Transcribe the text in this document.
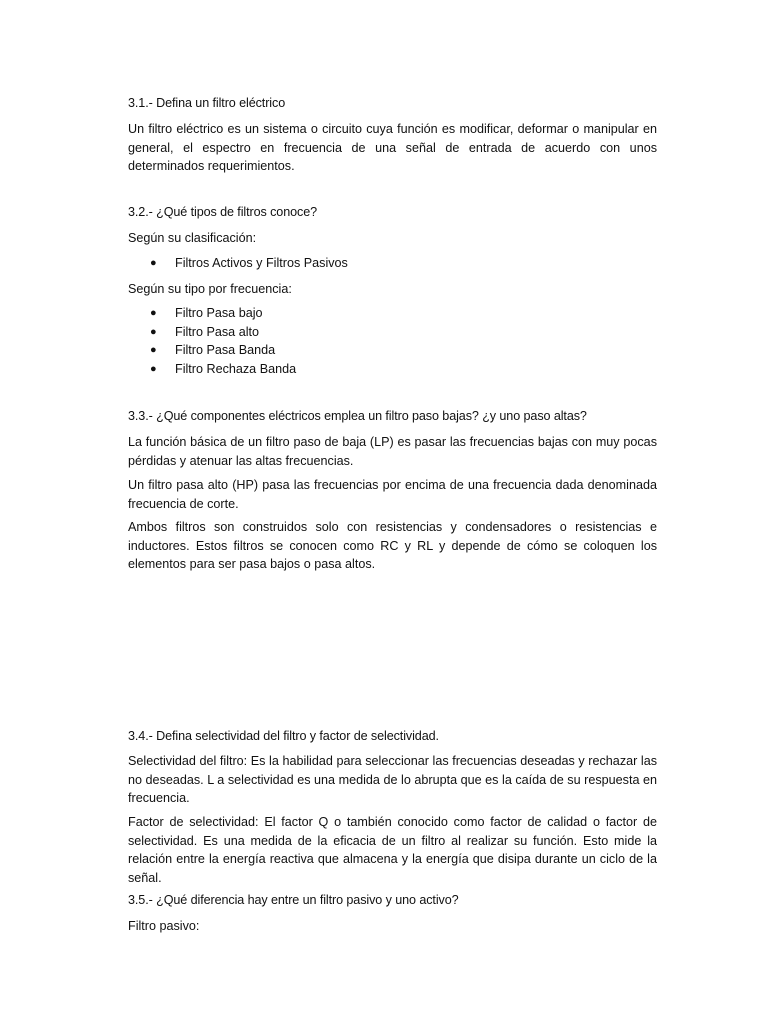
3.1.- Defina un filtro eléctrico

Un filtro eléctrico es un sistema o circuito cuya función es modificar, deformar o manipular en general, el espectro en frecuencia de una señal de entrada de acuerdo con unos determinados requerimientos.

3.2.- ¿Qué tipos de filtros conoce?

Según su clasificación:

● Filtros Activos y Filtros Pasivos

Según su tipo por frecuencia:

● Filtro Pasa bajo
● Filtro Pasa alto
● Filtro Pasa Banda
● Filtro Rechaza Banda

3.3.- ¿Qué componentes eléctricos emplea un filtro paso bajas? ¿y uno paso altas?

La función básica de un filtro paso de baja (LP) es pasar las frecuencias bajas con muy pocas pérdidas y atenuar las altas frecuencias.

Un filtro pasa alto (HP) pasa las frecuencias por encima de una frecuencia dada denominada frecuencia de corte.

Ambos filtros son construidos solo con resistencias y condensadores o resistencias e inductores. Estos filtros se conocen como RC y RL y depende de cómo se coloquen los elementos para ser pasa bajos o pasa altos.

3.4.- Defina selectividad del filtro y factor de selectividad.

Selectividad del filtro: Es la habilidad para seleccionar las frecuencias deseadas y rechazar las no deseadas. L a selectividad es una medida de lo abrupta que es la caída de su respuesta en frecuencia.

Factor de selectividad: El factor Q o también conocido como factor de calidad o factor de selectividad. Es una medida de la eficacia de un filtro al realizar su función. Esto mide la relación entre la energía reactiva que almacena y la energía que disipa durante un ciclo de la señal.

3.5.- ¿Qué diferencia hay entre un filtro pasivo y uno activo?

Filtro pasivo:
